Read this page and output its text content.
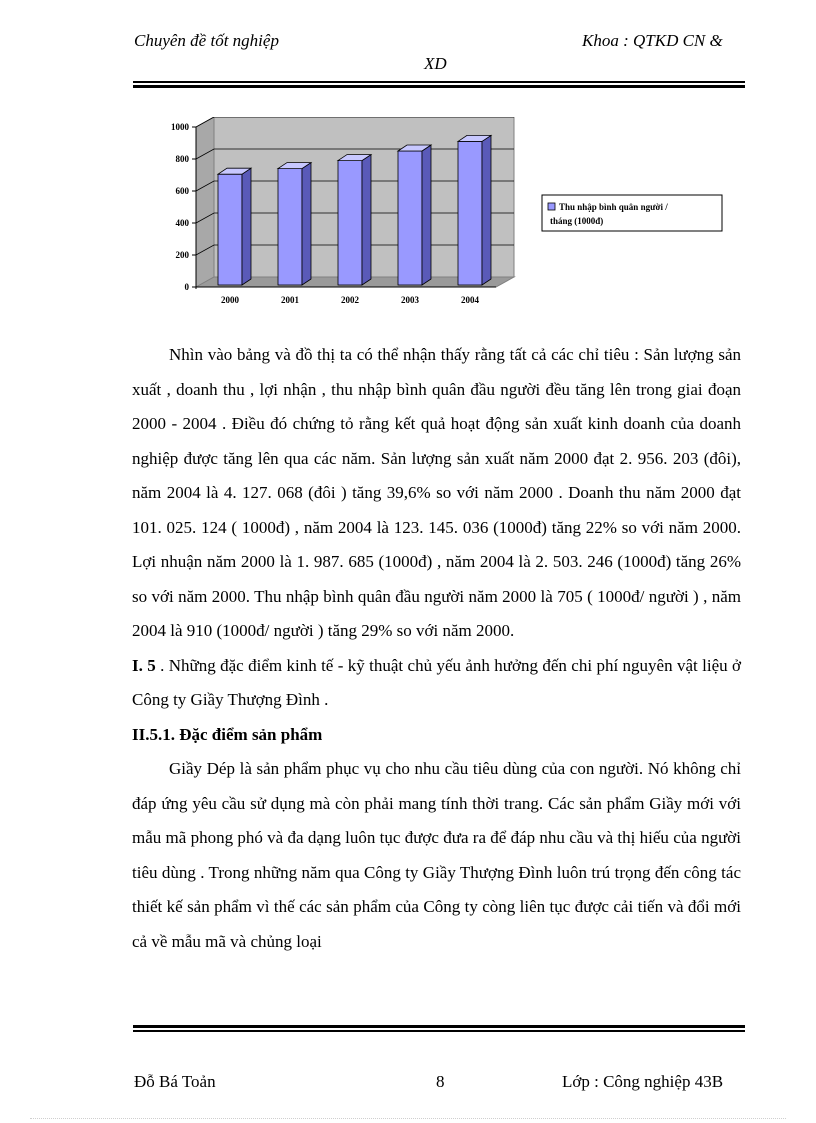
Chuyên đề tốt nghiệp	Khoa : QTKD CN &
XD
0
200
400
600
800
1000
2000	2001	2002	2003	2004
Thu nhập bình quân người /
tháng (1000đ)

Nhìn vào bảng và đồ thị ta có thể nhận thấy rằng tất cả các chỉ tiêu : Sản lượng sản xuất , doanh thu , lợi nhận , thu nhập bình quân đầu người đều tăng lên trong giai đoạn 2000 - 2004 . Điều đó chứng tỏ rằng kết quả hoạt động sản xuất kinh doanh của doanh nghiệp được tăng lên qua các năm. Sản lượng sản xuất năm 2000 đạt 2. 956. 203 (đôi), năm 2004 là 4. 127. 068 (đôi ) tăng 39,6% so với năm 2000 . Doanh thu năm 2000 đạt 101. 025. 124 ( 1000đ) , năm 2004 là 123. 145. 036 (1000đ) tăng 22% so với năm 2000. Lợi nhuận năm 2000 là 1. 987. 685 (1000đ) , năm 2004 là 2. 503. 246 (1000đ) tăng 26% so với năm 2000. Thu nhập bình quân đầu người năm 2000 là 705 ( 1000đ/ người ) , năm 2004 là 910 (1000đ/ người ) tăng 29% so với năm 2000.

I. 5 . Những đặc điểm kinh tế - kỹ thuật chủ yếu ảnh hưởng đến chi phí nguyên vật liệu ở Công ty Giầy Thượng Đình .

II.5.1. Đặc điểm sản phẩm

Giầy Dép là sản phẩm phục vụ cho nhu cầu tiêu dùng của con người. Nó không chỉ đáp ứng yêu cầu sử dụng mà còn phải mang tính thời trang. Các sản phẩm Giầy mới với mẫu mã phong phó và đa dạng luôn tục được đưa ra để đáp nhu cầu và thị hiếu của người tiêu dùng . Trong những năm qua Công ty Giầy Thượng Đình luôn trú trọng đến công tác thiết kế sản phẩm vì thế các sản phẩm của Công ty còng liên tục được cải tiến và đổi mới cả về mẫu mã và chủng loại

Đỗ Bá Toản	8	Lớp : Công nghiệp 43B
